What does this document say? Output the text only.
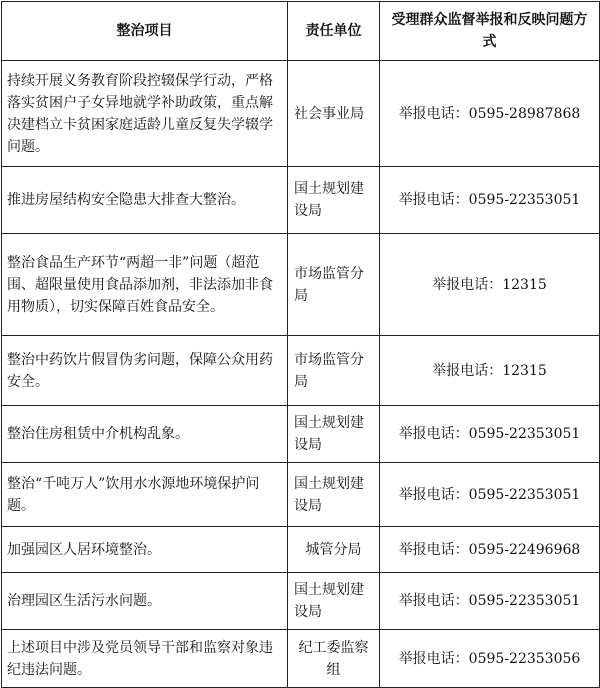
整治项目	责任单位	受理群众监督举报和反映问题方式
持续开展义务教育阶段控辍保学行动，严格落实贫困户子女异地就学补助政策，重点解决建档立卡贫困家庭适龄儿童反复失学辍学问题。	社会事业局	举报电话：0595-28987868
推进房屋结构安全隐患大排查大整治。	国土规划建设局	举报电话：0595-22353051
整治食品生产环节“两超一非”问题（超范围、超限量使用食品添加剂，非法添加非食用物质），切实保障百姓食品安全。	市场监管分局	举报电话：12315
整治中药饮片假冒伪劣问题，保障公众用药安全。	市场监管分局	举报电话：12315
整治住房租赁中介机构乱象。	国土规划建设局	举报电话：0595-22353051
整治“千吨万人”饮用水水源地环境保护问题。	国土规划建设局	举报电话：0595-22353051
加强园区人居环境整治。	城管分局	举报电话：0595-22496968
治理园区生活污水问题。	国土规划建设局	举报电话：0595-22353051
上述项目中涉及党员领导干部和监察对象违纪违法问题。	纪工委监察组	举报电话：0595-22353056
